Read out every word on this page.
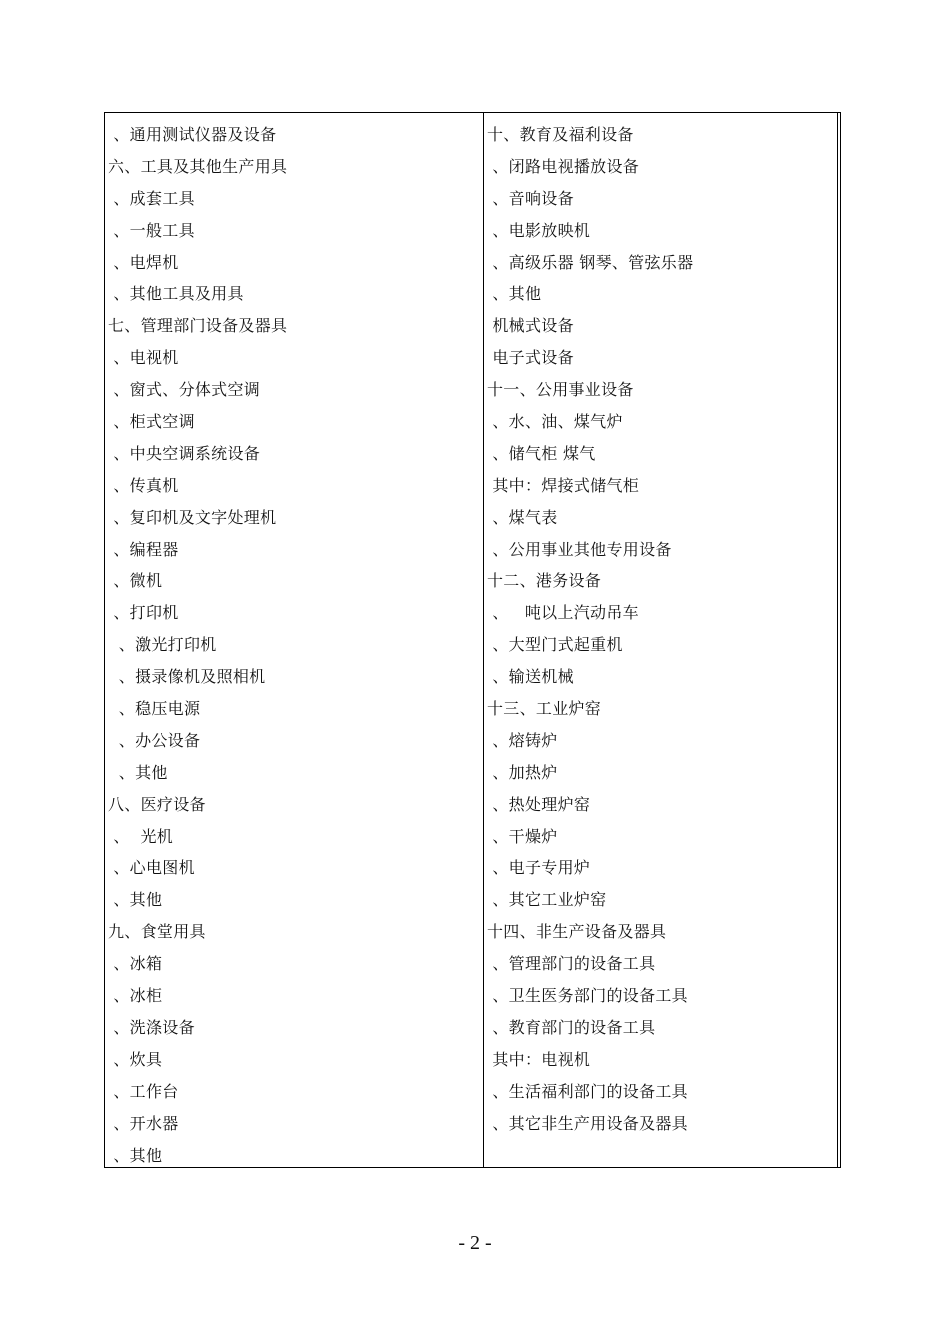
、通用测试仪器及设备
六、工具及其他生产用具
、成套工具
、一般工具
、电焊机
、其他工具及用具
七、管理部门设备及器具
、电视机
、窗式、分体式空调
、柜式空调
、中央空调系统设备
、传真机
、复印机及文字处理机
、编程器
、微机
、打印机
、激光打印机
、摄录像机及照相机
、稳压电源
、办公设备
、其他
八、医疗设备
、  光机
、心电图机
、其他
九、食堂用具
、冰箱
、冰柜
、洗涤设备
、炊具
、工作台
、开水器
、其他
十、教育及福利设备
、闭路电视播放设备
、音响设备
、电影放映机
、高级乐器 钢琴、管弦乐器
、其他
机械式设备
电子式设备
十一、公用事业设备
、水、油、煤气炉
、储气柜 煤气
其中：焊接式储气柜
、煤气表
、公用事业其他专用设备
十二、港务设备
、   吨以上汽动吊车
、大型门式起重机
、输送机械
十三、工业炉窑
、熔铸炉
、加热炉
、热处理炉窑
、干燥炉
、电子专用炉
、其它工业炉窑
十四、非生产设备及器具
、管理部门的设备工具
、卫生医务部门的设备工具
、教育部门的设备工具
其中：电视机
、生活福利部门的设备工具
、其它非生产用设备及器具
- 2 -
